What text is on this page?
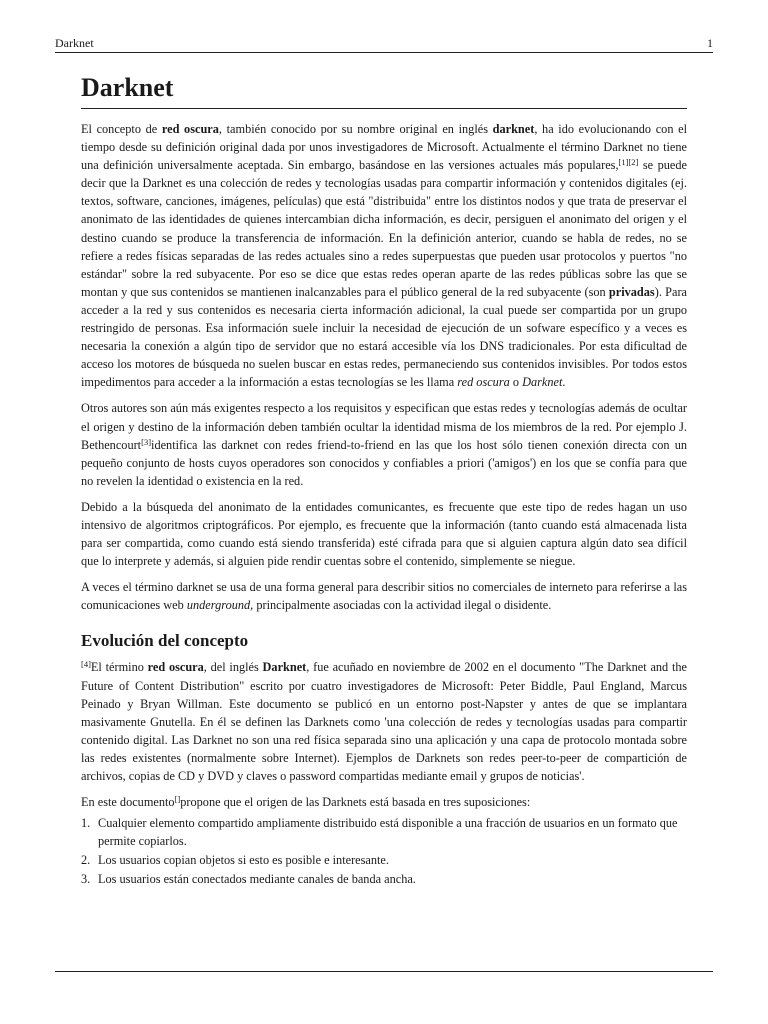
Darknet	1
Darknet

El concepto de red oscura, también conocido por su nombre original en inglés darknet, ha ido evolucionando con el tiempo desde su definición original dada por unos investigadores de Microsoft. Actualmente el término Darknet no tiene una definición universalmente aceptada. Sin embargo, basándose en las versiones actuales más populares,[1][2] se puede decir que la Darknet es una colección de redes y tecnologías usadas para compartir información y contenidos digitales (ej. textos, software, canciones, imágenes, películas) que está "distribuida" entre los distintos nodos y que trata de preservar el anonimato de las identidades de quienes intercambian dicha información, es decir, persiguen el anonimato del origen y el destino cuando se produce la transferencia de información. En la definición anterior, cuando se habla de redes, no se refiere a redes físicas separadas de las redes actuales sino a redes superpuestas que pueden usar protocolos y puertos "no estándar" sobre la red subyacente. Por eso se dice que estas redes operan aparte de las redes públicas sobre las que se montan y que sus contenidos se mantienen inalcanzables para el público general de la red subyacente (son privadas). Para acceder a la red y sus contenidos es necesaria cierta información adicional, la cual puede ser compartida por un grupo restringido de personas. Esa información suele incluir la necesidad de ejecución de un sofware específico y a veces es necesaria la conexión a algún tipo de servidor que no estará accesible vía los DNS tradicionales. Por esta dificultad de acceso los motores de búsqueda no suelen buscar en estas redes, permaneciendo sus contenidos invisibles. Por todos estos impedimentos para acceder a la información a estas tecnologías se les llama red oscura o Darknet.

Otros autores son aún más exigentes respecto a los requisitos y especifican que estas redes y tecnologías además de ocultar el origen y destino de la información deben también ocultar la identidad misma de los miembros de la red. Por ejemplo J. Bethencourt[3]identifica las darknet con redes friend-to-friend en las que los host sólo tienen conexión directa con un pequeño conjunto de hosts cuyos operadores son conocidos y confiables a priori ('amigos') en los que se confía para que no revelen la identidad o existencia en la red.

Debido a la búsqueda del anonimato de la entidades comunicantes, es frecuente que este tipo de redes hagan un uso intensivo de algoritmos criptográficos. Por ejemplo, es frecuente que la información (tanto cuando está almacenada lista para ser compartida, como cuando está siendo transferida) esté cifrada para que si alguien captura algún dato sea difícil que lo interprete y además, si alguien pide rendir cuentas sobre el contenido, simplemente se niegue.

A veces el término darknet se usa de una forma general para describir sitios no comerciales de interneto para referirse a las comunicaciones web underground, principalmente asociadas con la actividad ilegal o disidente.

Evolución del concepto

[4]El término red oscura, del inglés Darknet, fue acuñado en noviembre de 2002 en el documento "The Darknet and the Future of Content Distribution" escrito por cuatro investigadores de Microsoft: Peter Biddle, Paul England, Marcus Peinado y Bryan Willman. Este documento se publicó en un entorno post-Napster y antes de que se implantara masivamente Gnutella. En él se definen las Darknets como 'una colección de redes y tecnologías usadas para compartir contenido digital. Las Darknet no son una red física separada sino una aplicación y una capa de protocolo montada sobre las redes existentes (normalmente sobre Internet). Ejemplos de Darknets son redes peer-to-peer de compartición de archivos, copias de CD y DVD y claves o password compartidas mediante email y grupos de noticias'.

En este documento[]propone que el origen de las Darknets está basada en tres suposiciones:

1. Cualquier elemento compartido ampliamente distribuido está disponible a una fracción de usuarios en un formato que permite copiarlos.
2. Los usuarios copian objetos si esto es posible e interesante.
3. Los usuarios están conectados mediante canales de banda ancha.
